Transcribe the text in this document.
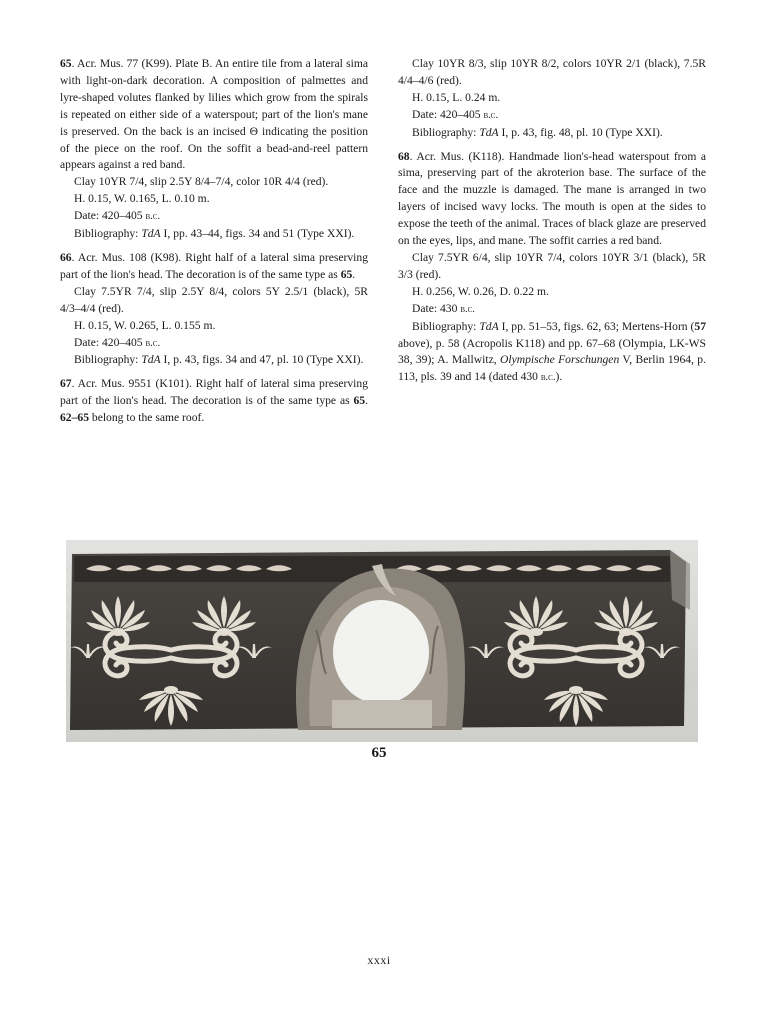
65. Acr. Mus. 77 (K99). Plate B. An entire tile from a lateral sima with light-on-dark decoration. A composition of palmettes and lyre-shaped volutes flanked by lilies which grow from the spirals is repeated on either side of a waterspout; part of the lion's mane is preserved. On the back is an incised Θ indicating the position of the piece on the roof. On the soffit a bead-and-reel pattern appears against a red band.

Clay 10YR 7/4, slip 2.5Y 8/4–7/4, color 10R 4/4 (red).

H. 0.15, W. 0.165, L. 0.10 m.

Date: 420–405 b.c.

Bibliography: TdA I, pp. 43–44, figs. 34 and 51 (Type XXI).

66. Acr. Mus. 108 (K98). Right half of a lateral sima preserving part of the lion's head. The decoration is of the same type as 65.

Clay 7.5YR 7/4, slip 2.5Y 8/4, colors 5Y 2.5/1 (black), 5R 4/3–4/4 (red).

H. 0.15, W. 0.265, L. 0.155 m.

Date: 420–405 b.c.

Bibliography: TdA I, p. 43, figs. 34 and 47, pl. 10 (Type XXI).

67. Acr. Mus. 9551 (K101). Right half of lateral sima preserving part of the lion's head. The decoration is of the same type as 65. 62–65 belong to the same roof.

Clay 10YR 8/3, slip 10YR 8/2, colors 10YR 2/1 (black), 7.5R 4/4–4/6 (red).

H. 0.15, L. 0.24 m.

Date: 420–405 b.c.

Bibliography: TdA I, p. 43, fig. 48, pl. 10 (Type XXI).

68. Acr. Mus. (K118). Handmade lion's-head waterspout from a sima, preserving part of the akroterion base. The surface of the face and the muzzle is damaged. The mane is arranged in two layers of incised wavy locks. The mouth is open at the sides to expose the teeth of the animal. Traces of black glaze are preserved on the eyes, lips, and mane. The soffit carries a red band.

Clay 7.5YR 6/4, slip 10YR 7/4, colors 10YR 3/1 (black), 5R 3/3 (red).

H. 0.256, W. 0.26, D. 0.22 m.

Date: 430 b.c.

Bibliography: TdA I, pp. 51–53, figs. 62, 63; Mertens-Horn (57 above), p. 58 (Acropolis K118) and pp. 67–68 (Olympia, LK-WS 38, 39); A. Mallwitz, Olympische Forschungen V, Berlin 1964, p. 113, pls. 39 and 14 (dated 430 b.c.).

65
xxxi
